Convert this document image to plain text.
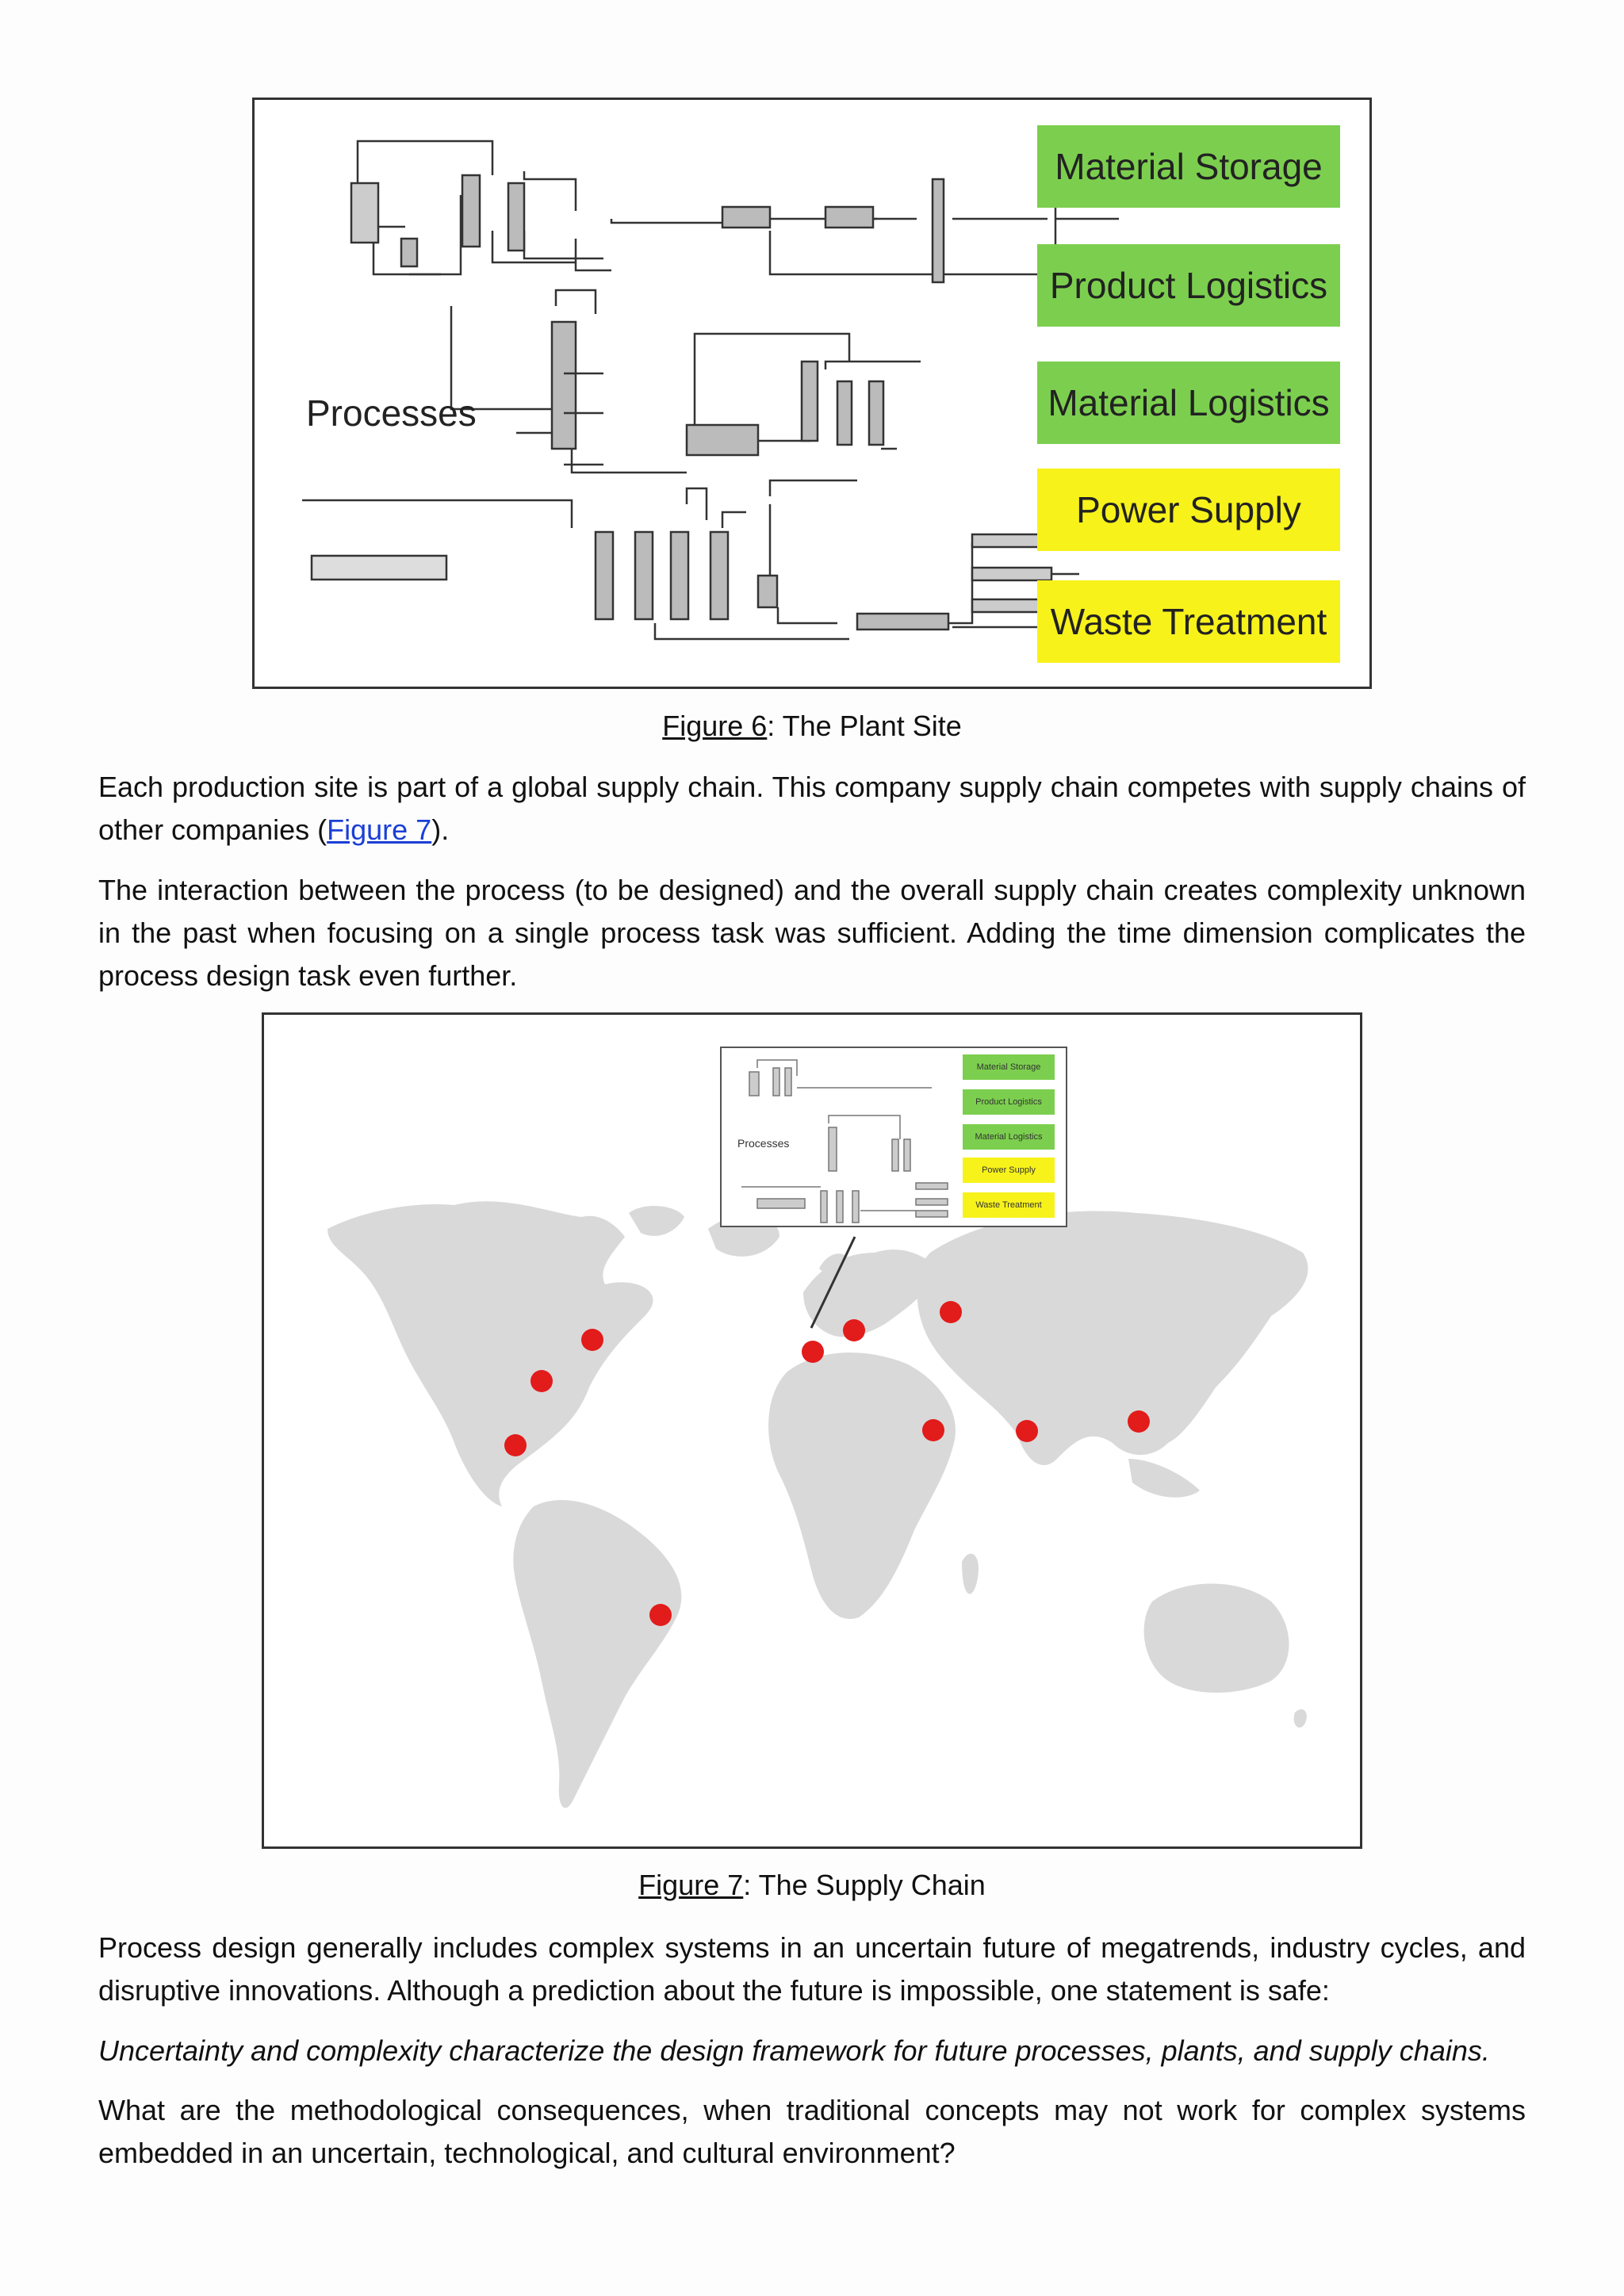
Processes
Material Storage
Product Logistics
Material Logistics
Power Supply
Waste Treatment
Figure 6: The Plant Site
Each production site is part of a global supply chain. This company supply chain competes with supply chains of other companies (Figure 7).
The interaction between the process (to be designed) and the overall supply chain creates complexity unknown in the past when focusing on a single process task was sufficient. Adding the time dimension complicates the process design task even further.
Processes
Material Storage
Product Logistics
Material Logistics
Power Supply
Waste Treatment
Figure 7: The Supply Chain
Process design generally includes complex systems in an uncertain future of megatrends, industry cycles, and disruptive innovations. Although a prediction about the future is impossible, one statement is safe:
Uncertainty and complexity characterize the design framework for future processes, plants, and supply chains.
What are the methodological consequences, when traditional concepts may not work for complex systems embedded in an uncertain, technological, and cultural environment?
